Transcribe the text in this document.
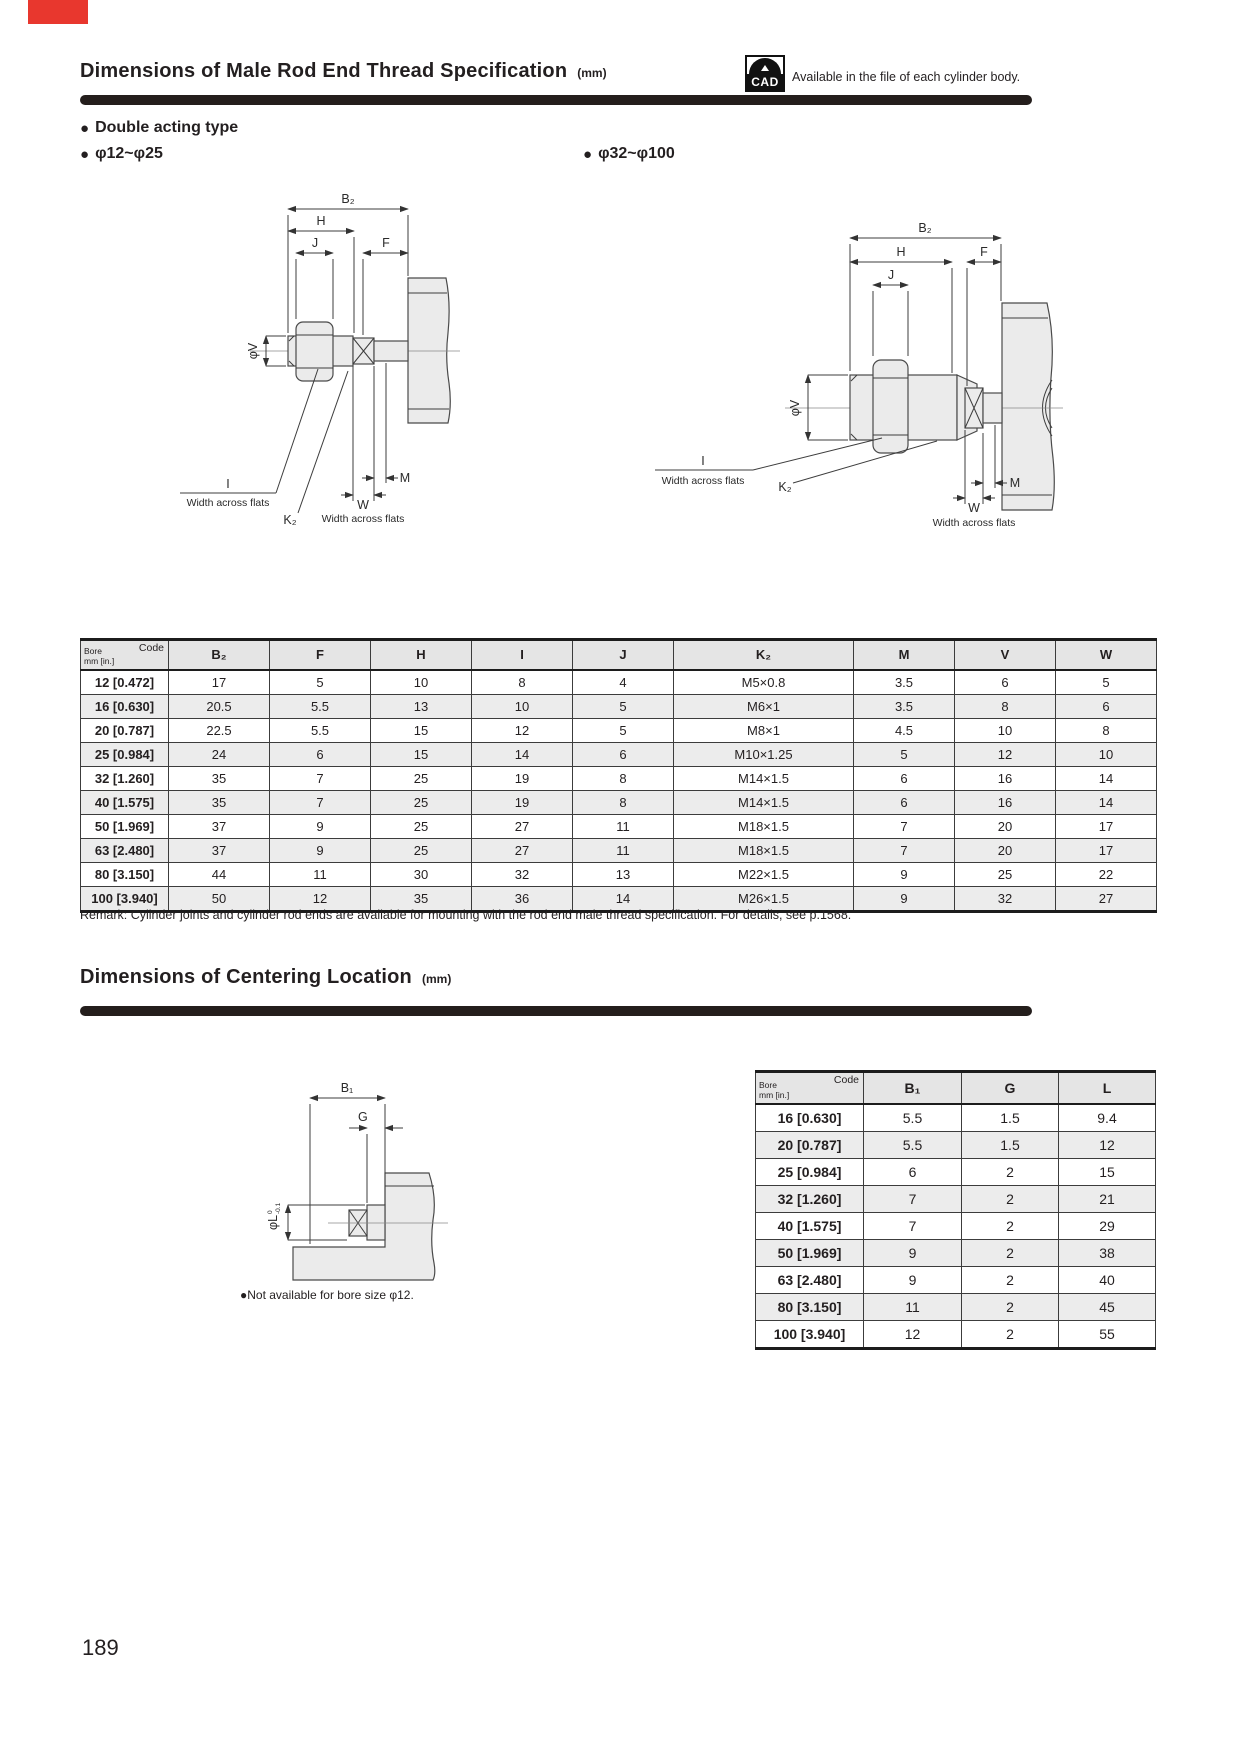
Dimensions of Male Rod End Thread Specification (mm)
CAD	Available in the file of each cylinder body.
● Double acting type
● φ12~φ25	● φ32~φ100
B₂
H
J	F
φV
I
Width across flats
K₂
M
W
Width across flats
B₂
H	F
J
φV
I
Width across flats	K₂	M
W
Width across flats
Code
Bore
mm [in.]	B₂	F	H	I	J	K₂	M	V	W
12 [0.472]	17	5	10	8	4	M5×0.8	3.5	6	5
16 [0.630]	20.5	5.5	13	10	5	M6×1	3.5	8	6
20 [0.787]	22.5	5.5	15	12	5	M8×1	4.5	10	8
25 [0.984]	24	6	15	14	6	M10×1.25	5	12	10
32 [1.260]	35	7	25	19	8	M14×1.5	6	16	14
40 [1.575]	35	7	25	19	8	M14×1.5	6	16	14
50 [1.969]	37	9	25	27	11	M18×1.5	7	20	17
63 [2.480]	37	9	25	27	11	M18×1.5	7	20	17
80 [3.150]	44	11	30	32	13	M22×1.5	9	25	22
100 [3.940]	50	12	35	36	14	M26×1.5	9	32	27
Remark: Cylinder joints and cylinder rod ends are available for mounting with the rod end male thread specification. For details, see p.1568.
Dimensions of Centering Location (mm)
B₁
G
φL
0 -0.1
●Not available for bore size φ12.
Code
Bore
mm [in.]	B₁	G	L
16 [0.630]	5.5	1.5	9.4
20 [0.787]	5.5	1.5	12
25 [0.984]	6	2	15
32 [1.260]	7	2	21
40 [1.575]	7	2	29
50 [1.969]	9	2	38
63 [2.480]	9	2	40
80 [3.150]	11	2	45
100 [3.940]	12	2	55
189
